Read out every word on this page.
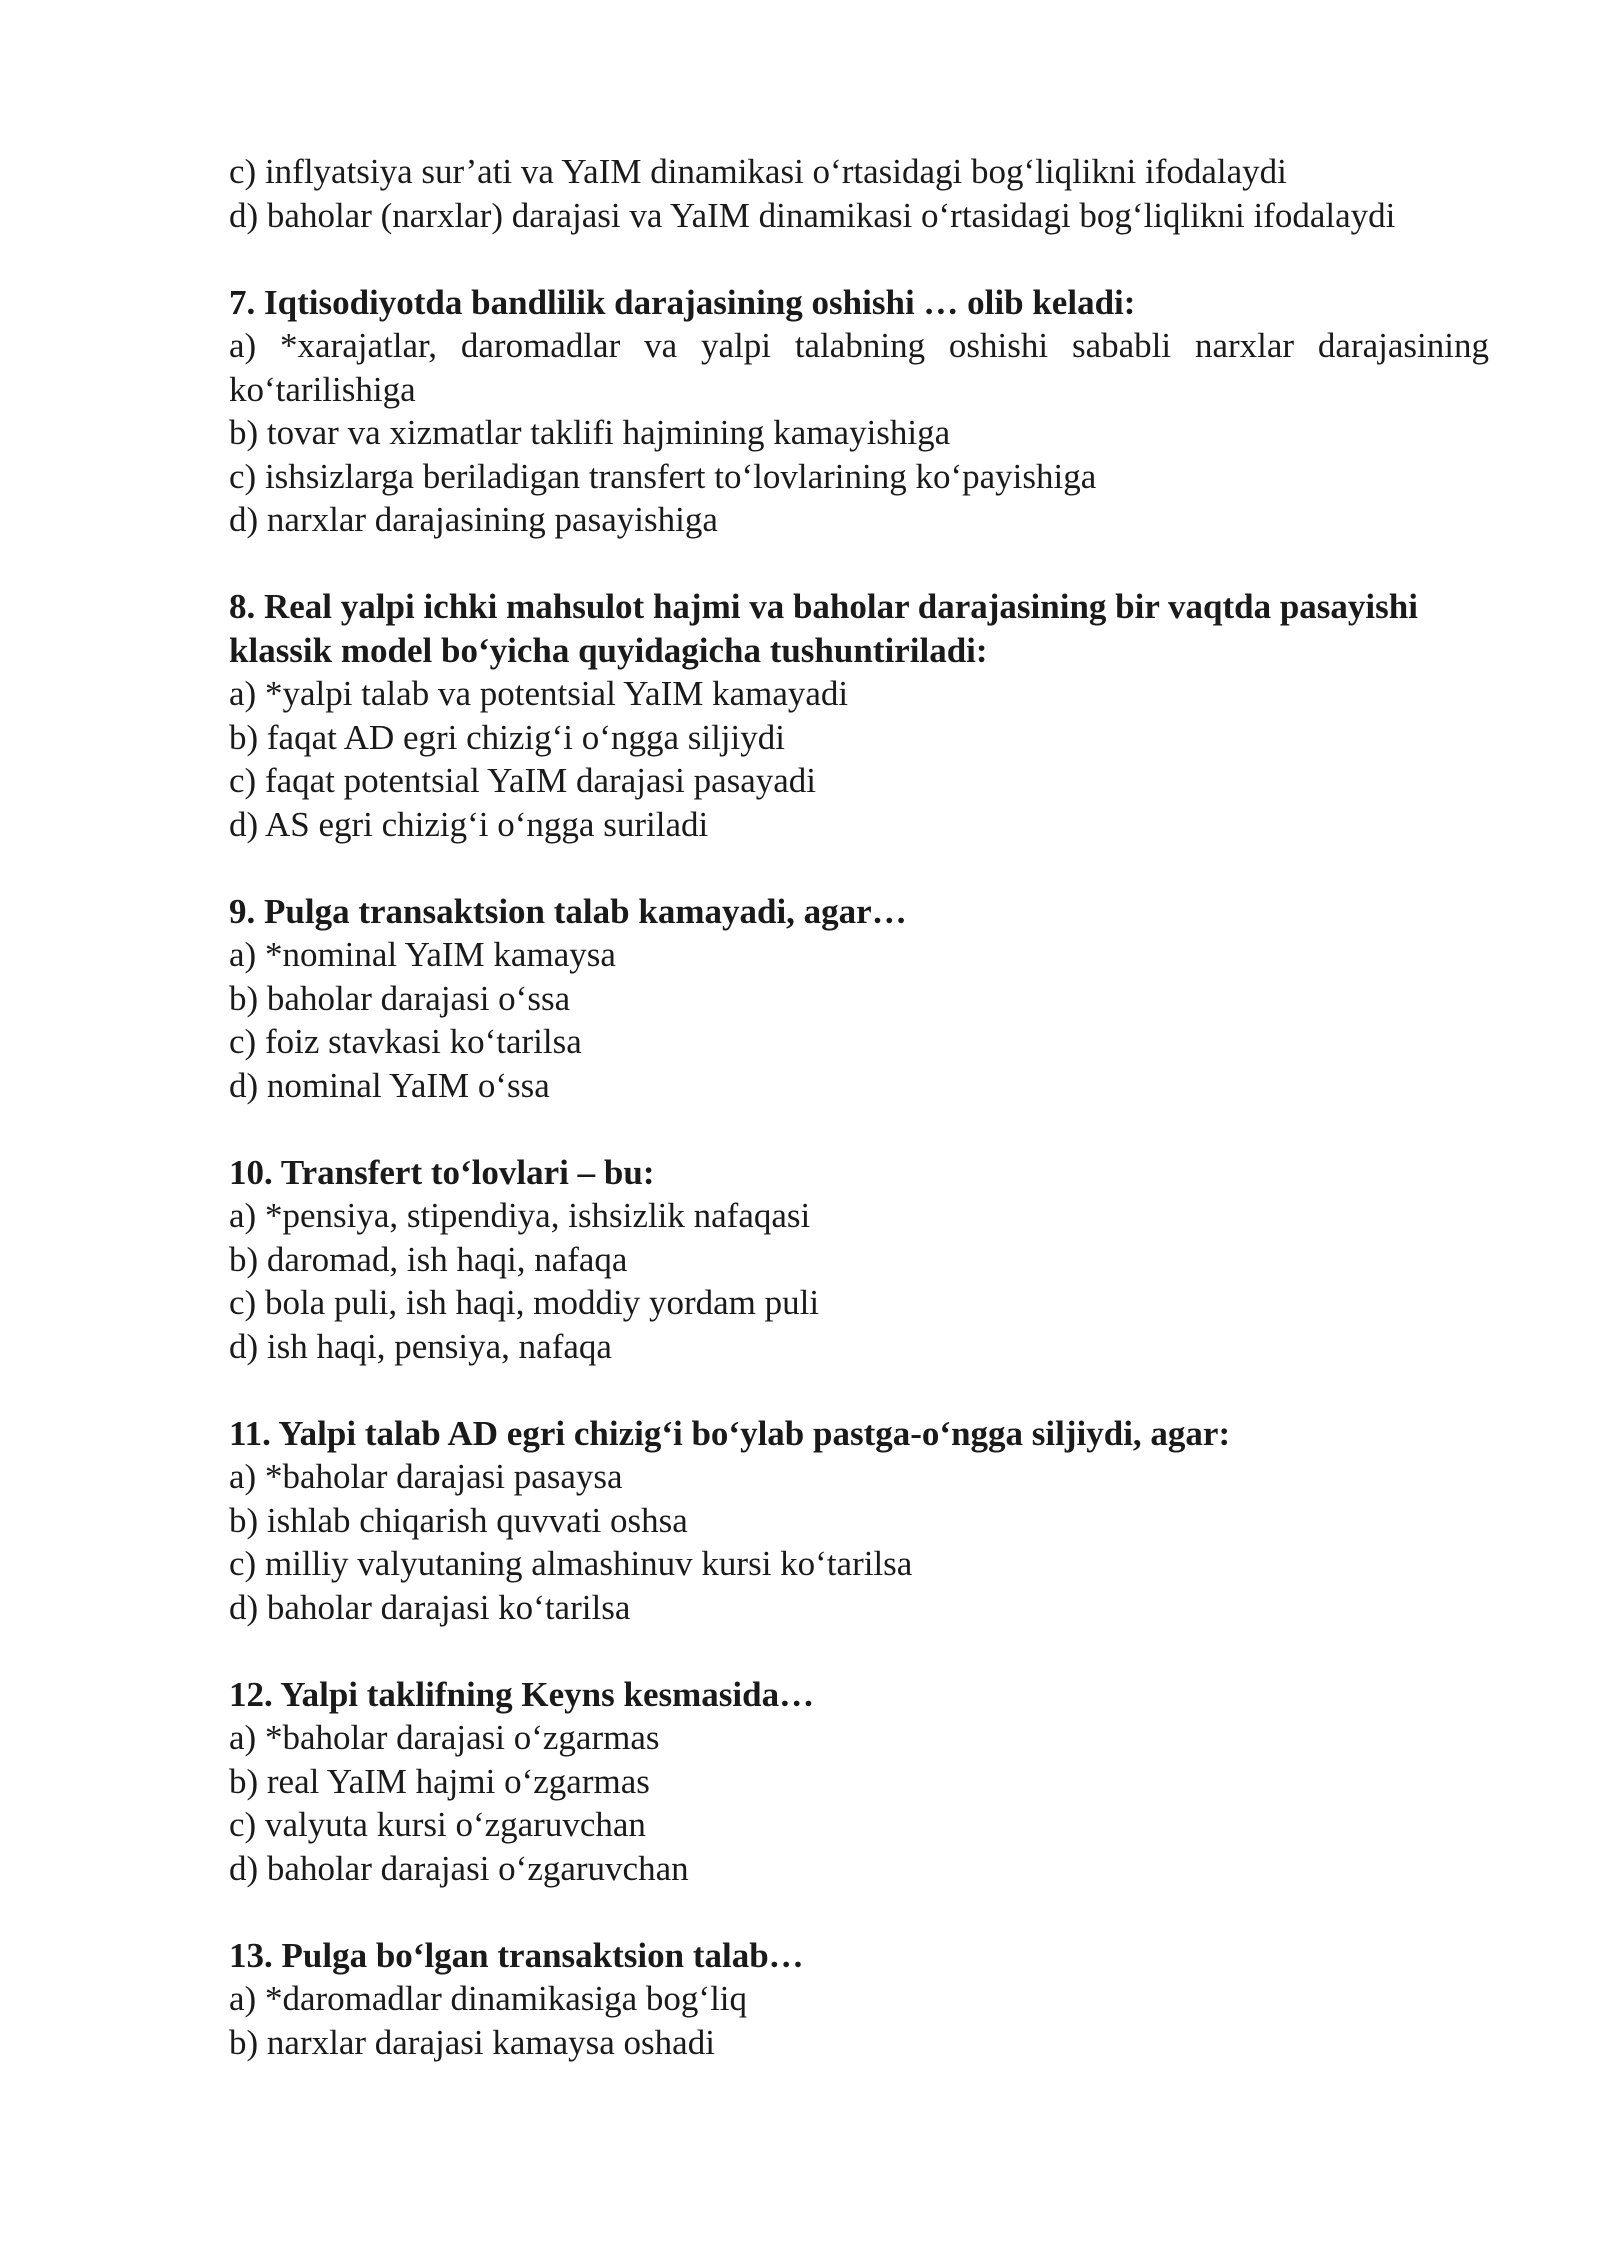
c) inflyatsiya sur’ati va YaIM dinamikasi o‘rtasidagi bog‘liqlikni ifodalaydi
d) baholar (narxlar) darajasi va YaIM dinamikasi o‘rtasidagi bog‘liqlikni ifodalaydi
7. Iqtisodiyotda bandlilik darajasining oshishi … olib keladi:
a) *xarajatlar, daromadlar va yalpi talabning oshishi sababli narxlar darajasining ko‘tarilishiga
b) tovar va xizmatlar taklifi hajmining kamayishiga
c) ishsizlarga beriladigan transfert to‘lovlarining ko‘payishiga
d) narxlar darajasining pasayishiga
8. Real yalpi ichki mahsulot hajmi va baholar darajasining bir vaqtda pasayishi klassik model bo‘yicha quyidagicha tushuntiriladi:
a) *yalpi talab va potentsial YaIM kamayadi
b) faqat AD egri chizig‘i o‘ngga siljiydi
c) faqat potentsial YaIM darajasi pasayadi
d) AS egri chizig‘i o‘ngga suriladi
9. Pulga transaktsion talab kamayadi, agar…
a) *nominal YaIM kamaysa
b) baholar darajasi o‘ssa
c) foiz stavkasi ko‘tarilsa
d) nominal YaIM o‘ssa
10. Transfert to‘lovlari – bu:
a) *pensiya, stipendiya, ishsizlik nafaqasi
b) daromad, ish haqi, nafaqa
c) bola puli, ish haqi, moddiy yordam puli
d) ish haqi, pensiya, nafaqa
11. Yalpi talab AD egri chizig‘i bo‘ylab pastga-o‘ngga siljiydi, agar:
a) *baholar darajasi pasaysa
b) ishlab chiqarish quvvati oshsa
c) milliy valyutaning almashinuv kursi ko‘tarilsa
d) baholar darajasi ko‘tarilsa
12. Yalpi taklifning Keyns kesmasida…
a) *baholar darajasi o‘zgarmas
b) real YaIM hajmi o‘zgarmas
c) valyuta kursi o‘zgaruvchan
d) baholar darajasi o‘zgaruvchan
13. Pulga bo‘lgan transaktsion talab…
a) *daromadlar dinamikasiga bog‘liq
b) narxlar darajasi kamaysa oshadi
